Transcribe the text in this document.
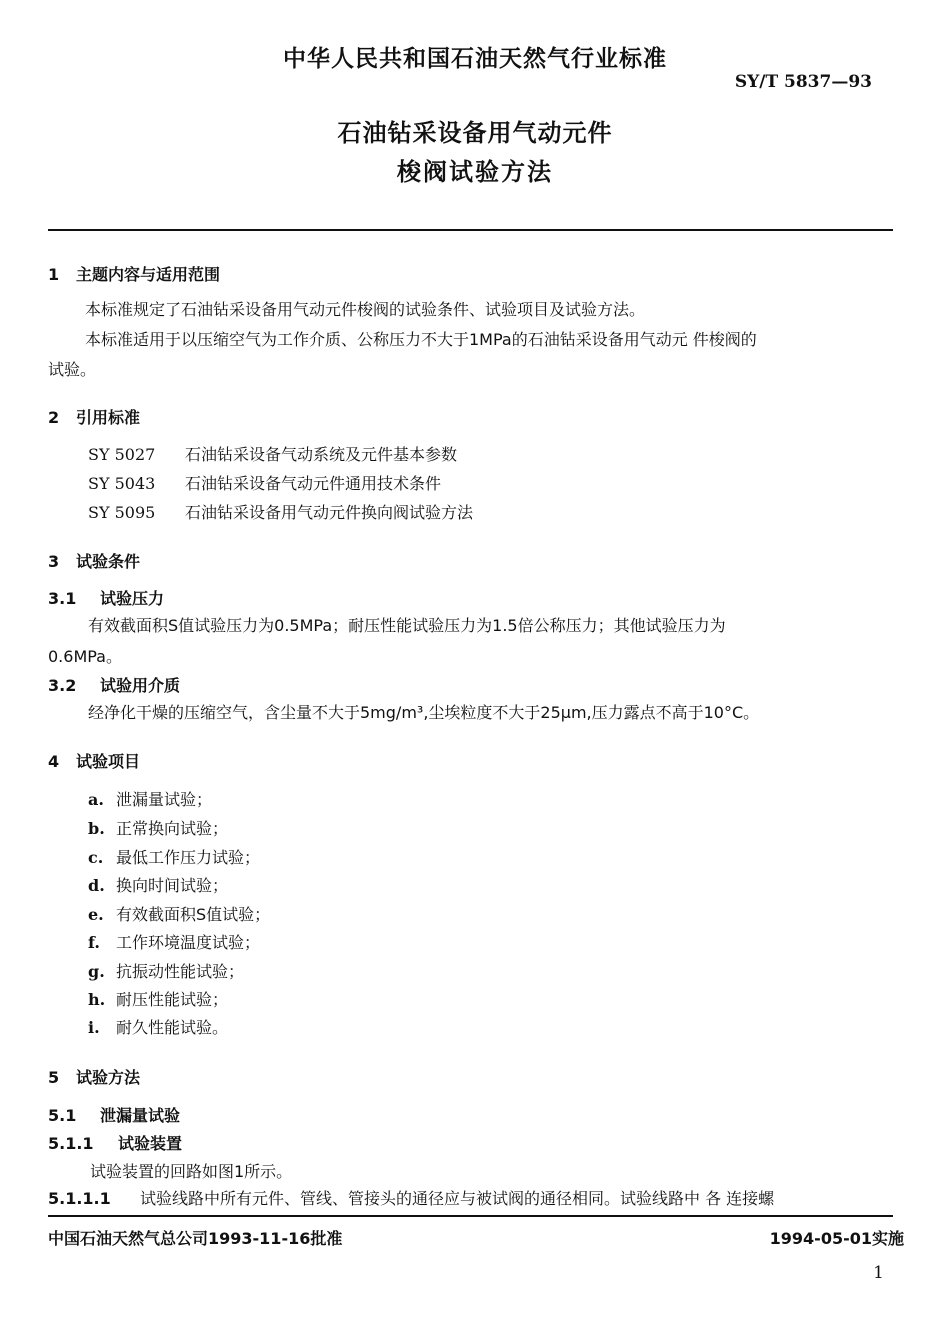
中华人民共和国石油天然气行业标准
SY/T 5837—93
石油钻采设备用气动元件
梭阀试验方法
1 主题内容与适用范围
本标准规定了石油钻采设备用气动元件梭阀的试验条件、试验项目及试验方法。
本标准适用于以压缩空气为工作介质、公称压力不大于1MPa的石油钻采设备用气动元 件梭阀的
试验。
2 引用标准
SY 5027 石油钻采设备气动系统及元件基本参数
SY 5043 石油钻采设备气动元件通用技术条件
SY 5095 石油钻采设备用气动元件换向阀试验方法
3 试验条件
3.1 试验压力
有效截面积S值试验压力为0.5MPa；耐压性能试验压力为1.5倍公称压力；其他试验压力为
0.6MPa。
3.2 试验用介质
经净化干燥的压缩空气，含尘量不大于5mg/m³,尘埃粒度不大于25μm,压力露点不高于10°C。
4 试验项目
a. 泄漏量试验；
b. 正常换向试验；
c. 最低工作压力试验；
d. 换向时间试验；
e. 有效截面积S值试验；
f. 工作环境温度试验；
g. 抗振动性能试验；
h. 耐压性能试验；
i. 耐久性能试验。
5 试验方法
5.1 泄漏量试验
5.1.1 试验装置
试验装置的回路如图1所示。
5.1.1.1 试验线路中所有元件、管线、管接头的通径应与被试阀的通径相同。试验线路中 各 连接螺
中国石油天然气总公司1993-11-16批准	1994-05-01实施
1
